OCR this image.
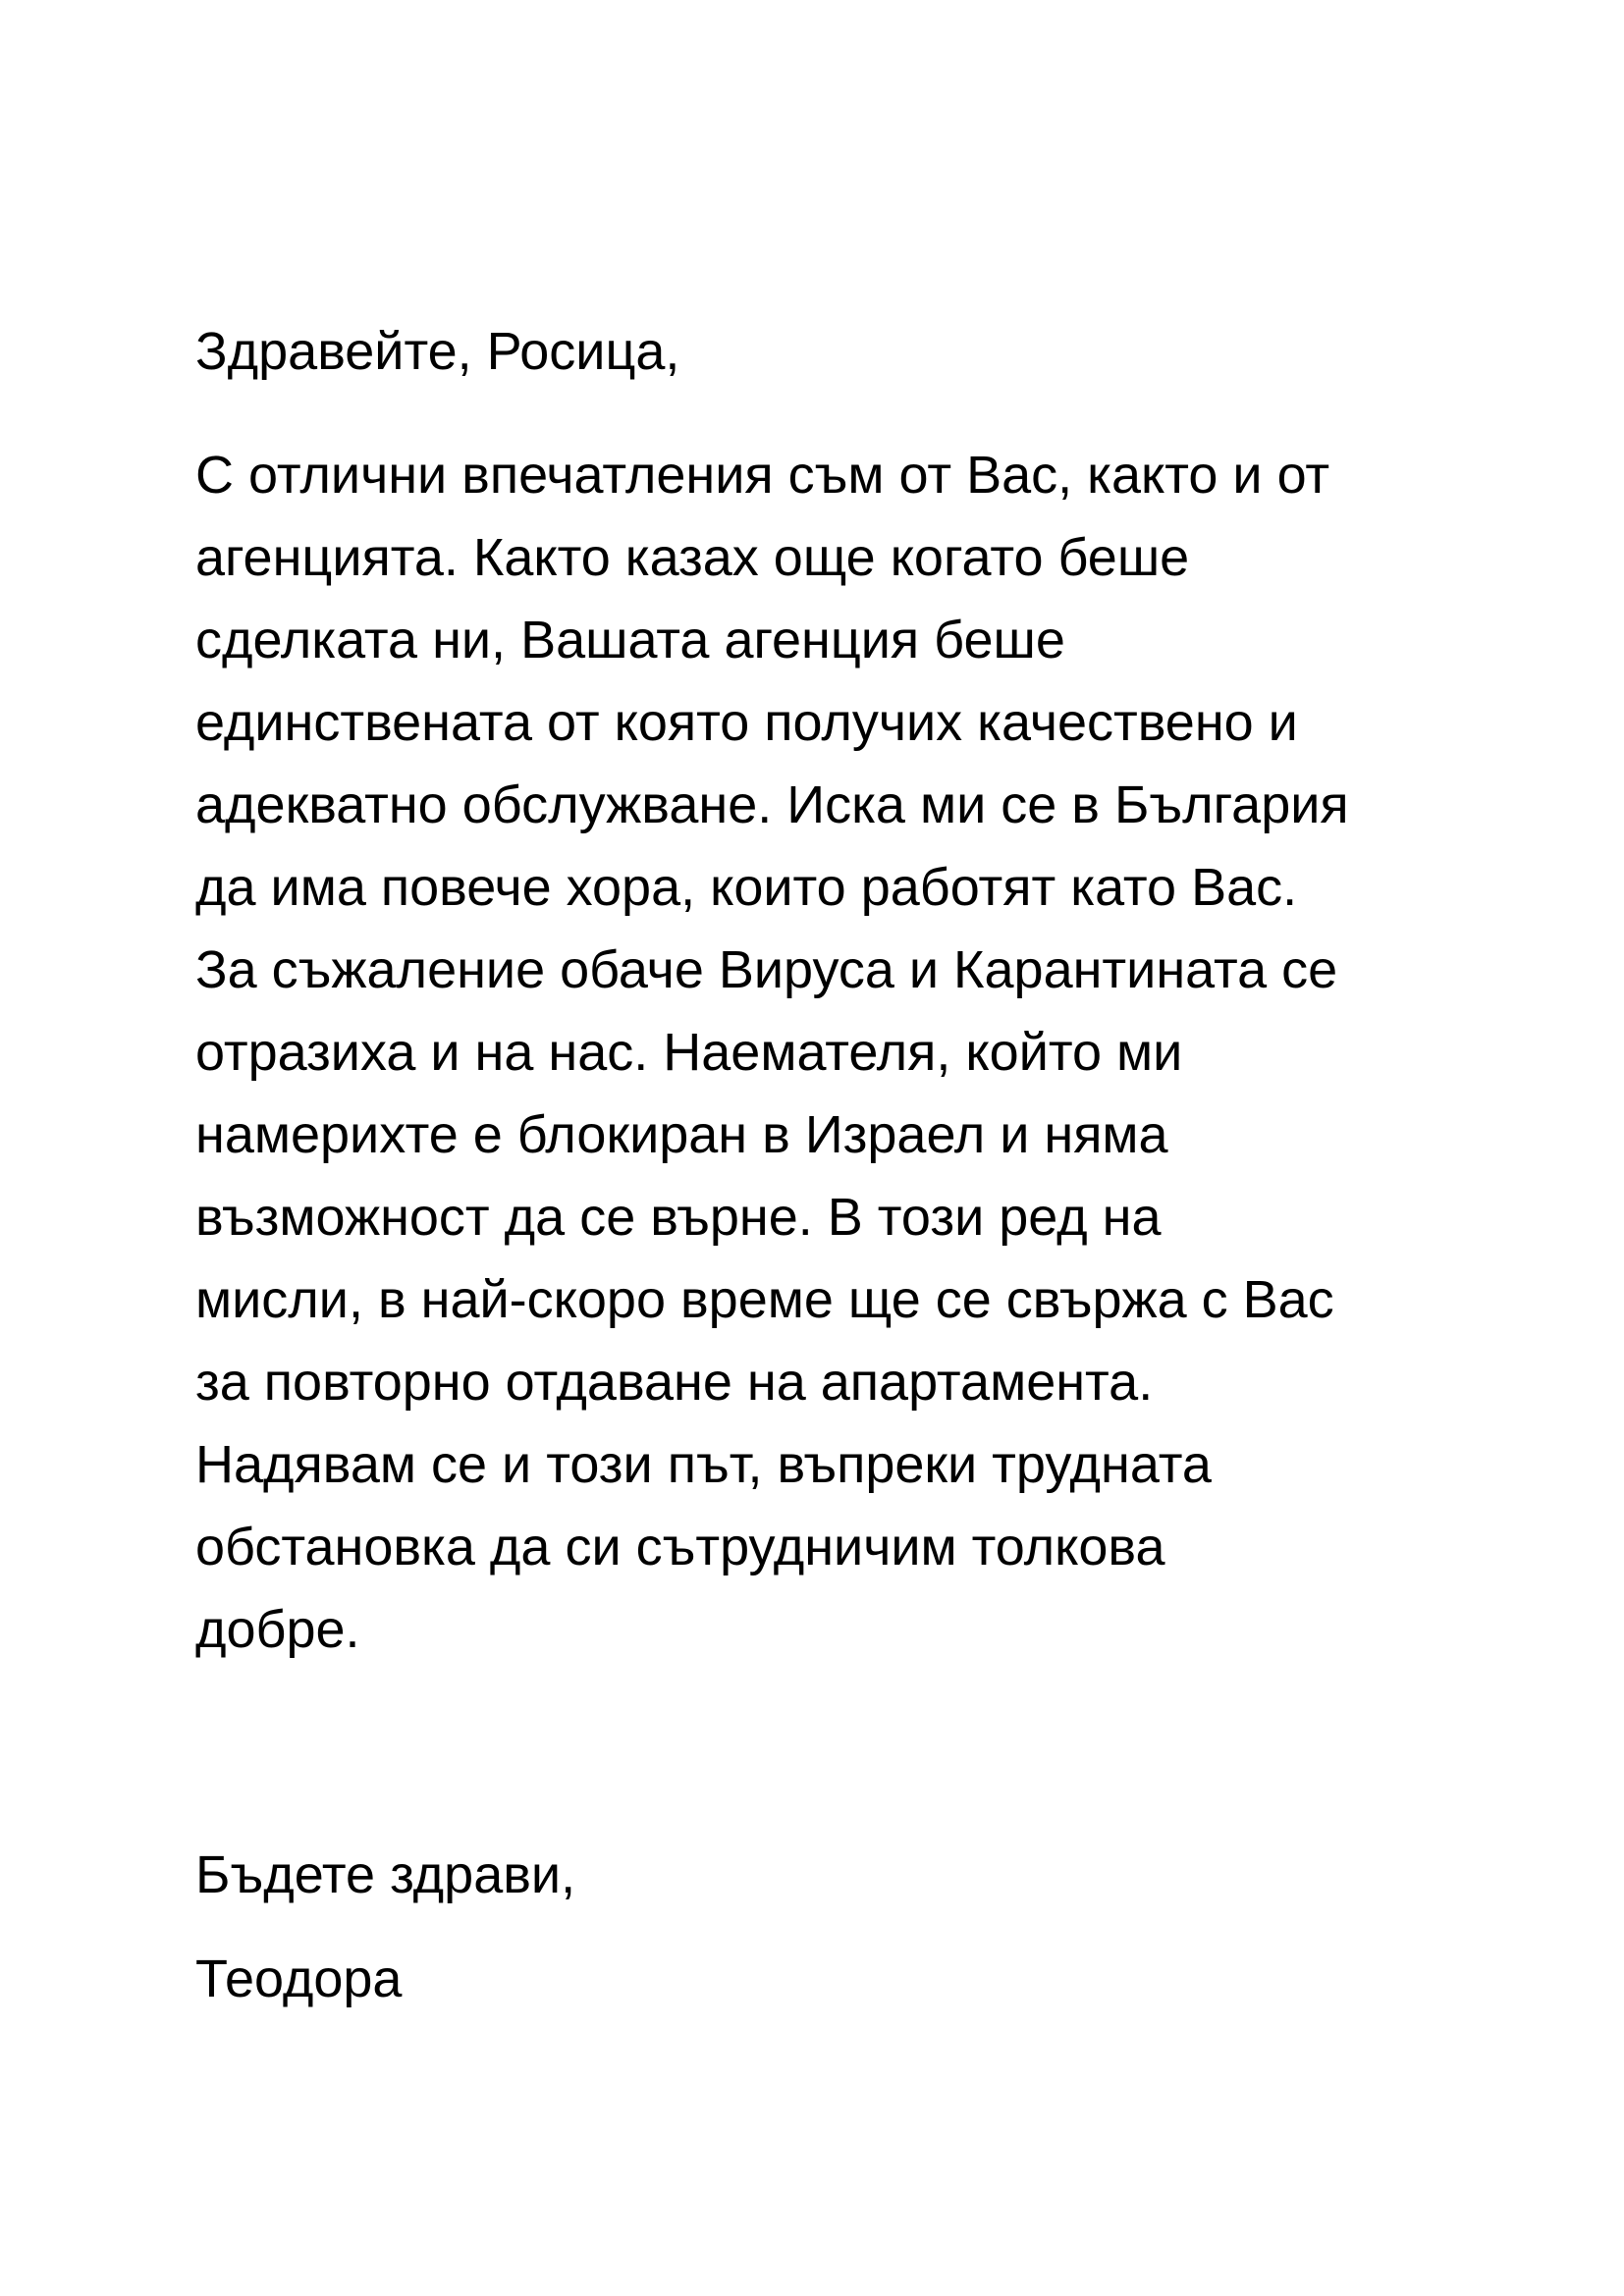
Здравейте, Росица,
С отлични впечатления съм от Вас, както и от
агенцията. Както казах още когато беше
сделката ни, Вашата агенция беше
единствената от която получих качествено и
адекватно обслужване. Иска ми се в България
да има повече хора, които работят като Вас.
За съжаление обаче Вируса и Карантината се
отразиха и на нас. Наемателя, който ми
намерихте е блокиран в Израел и няма
възможност да се върне. В този ред на
мисли, в най-скоро време ще се свържа с Вас
за повторно отдаване на апартамента.
Надявам се и този път, въпреки трудната
обстановка да си сътрудничим толкова
добре.
Бъдете здрави,
Теодора
